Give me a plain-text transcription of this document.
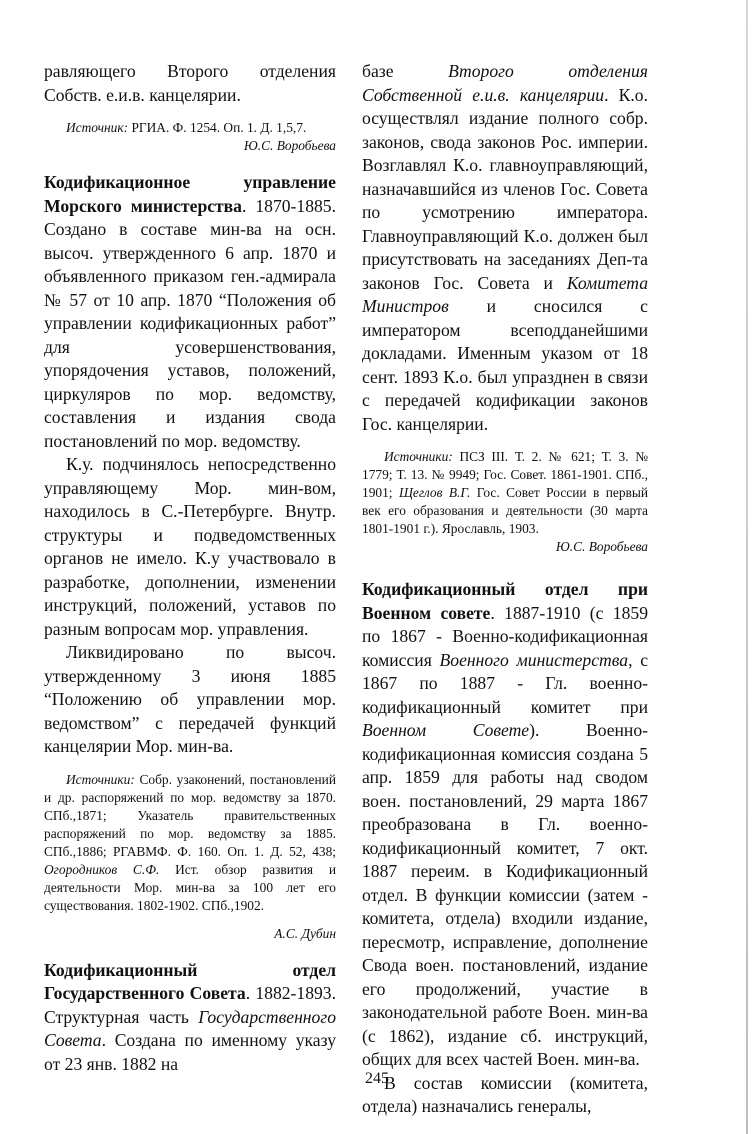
равляющего Второго отделения Собств. е.и.в. канцелярии.

Источник: РГИА. Ф. 1254. Оп. 1. Д. 1,5,7.

Ю.С. Воробьева

Кодификационное управление Морского министерства. 1870-1885. Создано в составе мин-ва на осн. высоч. утвержденного 6 апр. 1870 и объявленного приказом ген.-адмирала № 57 от 10 апр. 1870 “Положения об управлении кодификационных работ” для усовершенствования, упорядочения уставов, положений, циркуляров по мор. ведомству, составления и издания свода постановлений по мор. ведомству.

К.у. подчинялось непосредственно управляющему Мор. мин-вом, находилось в С.-Петербурге. Внутр. структуры и подведомственных органов не имело. К.у участвовало в разработке, дополнении, изменении инструкций, положений, уставов по разным вопросам мор. управления.

Ликвидировано по высоч. утвержденному 3 июня 1885 “Положению об управлении мор. ведомством” с передачей функций канцелярии Мор. мин-ва.

Источники: Собр. узаконений, постановлений и др. распоряжений по мор. ведомству за 1870. СПб.,1871; Указатель правительственных распоряжений по мор. ведомству за 1885. СПб.,1886; РГАВМФ. Ф. 160. Оп. 1. Д. 52, 438; Огородников С.Ф. Ист. обзор развития и деятельности Мор. мин-ва за 100 лет его существования. 1802-1902. СПб.,1902.

А.С. Дубин

Кодификационный отдел Государственного Совета. 1882-1893. Структурная часть Государственного Совета. Создана по именному указу от 23 янв. 1882 на

базе	Второго отделения Собственной е.и.в. канцелярии. К.о. осуществлял издание полного собр. законов, свода законов Рос. империи. Возглавлял К.о. главноуправляющий, назначавшийся из членов Гос. Совета по усмотрению императора. Главноуправляющий К.о. должен был присутствовать на заседаниях Деп-та законов Гос. Совета и Комитета Министров и сносился с императором всеподданейшими докладами. Именным указом от 18 сент. 1893 К.о. был упразднен в связи с передачей кодификации законов Гос. канцелярии.

Источники: ПСЗ III. Т. 2. № 621; Т. 3. № 1779; Т. 13. № 9949; Гос. Совет. 1861-1901. СПб., 1901; Щеглов В.Г. Гос. Совет России в первый век его образования и деятельности (30 марта 1801-1901 г.). Ярославль, 1903.

Ю.С. Воробьева

Кодификационный отдел при Военном совете. 1887-1910 (с 1859 по 1867 - Военно-кодификационная комиссия Военного министерства, с 1867 по 1887 - Гл. военно-кодификационный комитет при Военном Совете). Военно-кодификационная комиссия создана 5 апр. 1859 для работы над сводом воен. постановлений, 29 марта 1867 преобразована в Гл. военно-кодификационный комитет, 7 окт. 1887 переим. в Кодификационный отдел. В функции комиссии (затем - комитета, отдела) входили издание, пересмотр, исправление, дополнение Свода воен. постановлений, издание его продолжений, участие в законодательной работе Воен. мин-ва (с 1862), издание сб. инструкций, общих для всех частей Воен. мин-ва.

В состав комиссии (комитета, отдела) назначались генералы,

245
